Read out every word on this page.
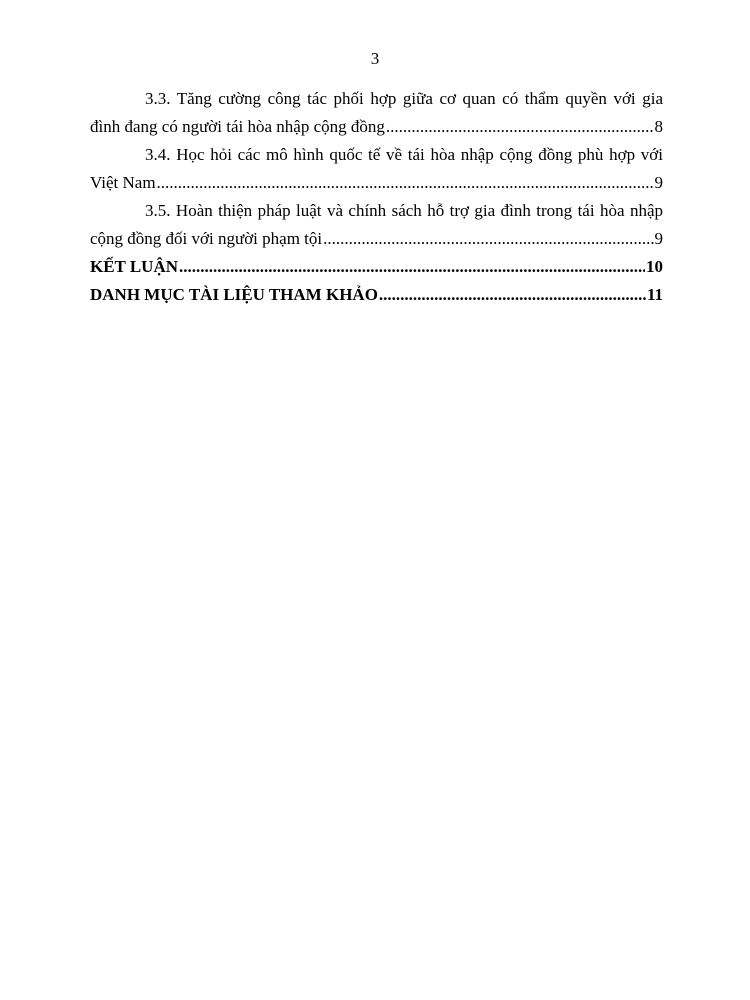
3
3.3. Tăng cường công tác phối hợp giữa cơ quan có thẩm quyền với gia
đình đang có người tái hòa nhập cộng đồng .....	8
3.4. Học hỏi các mô hình quốc tế về tái hòa nhập cộng đồng phù hợp với
Việt Nam .....	9
3.5. Hoàn thiện pháp luật và chính sách hỗ trợ gia đình trong tái hòa nhập
cộng đồng đối với người phạm tội .....	9
KẾT LUẬN .....	10
DANH MỤC TÀI LIỆU THAM KHẢO .....	11
